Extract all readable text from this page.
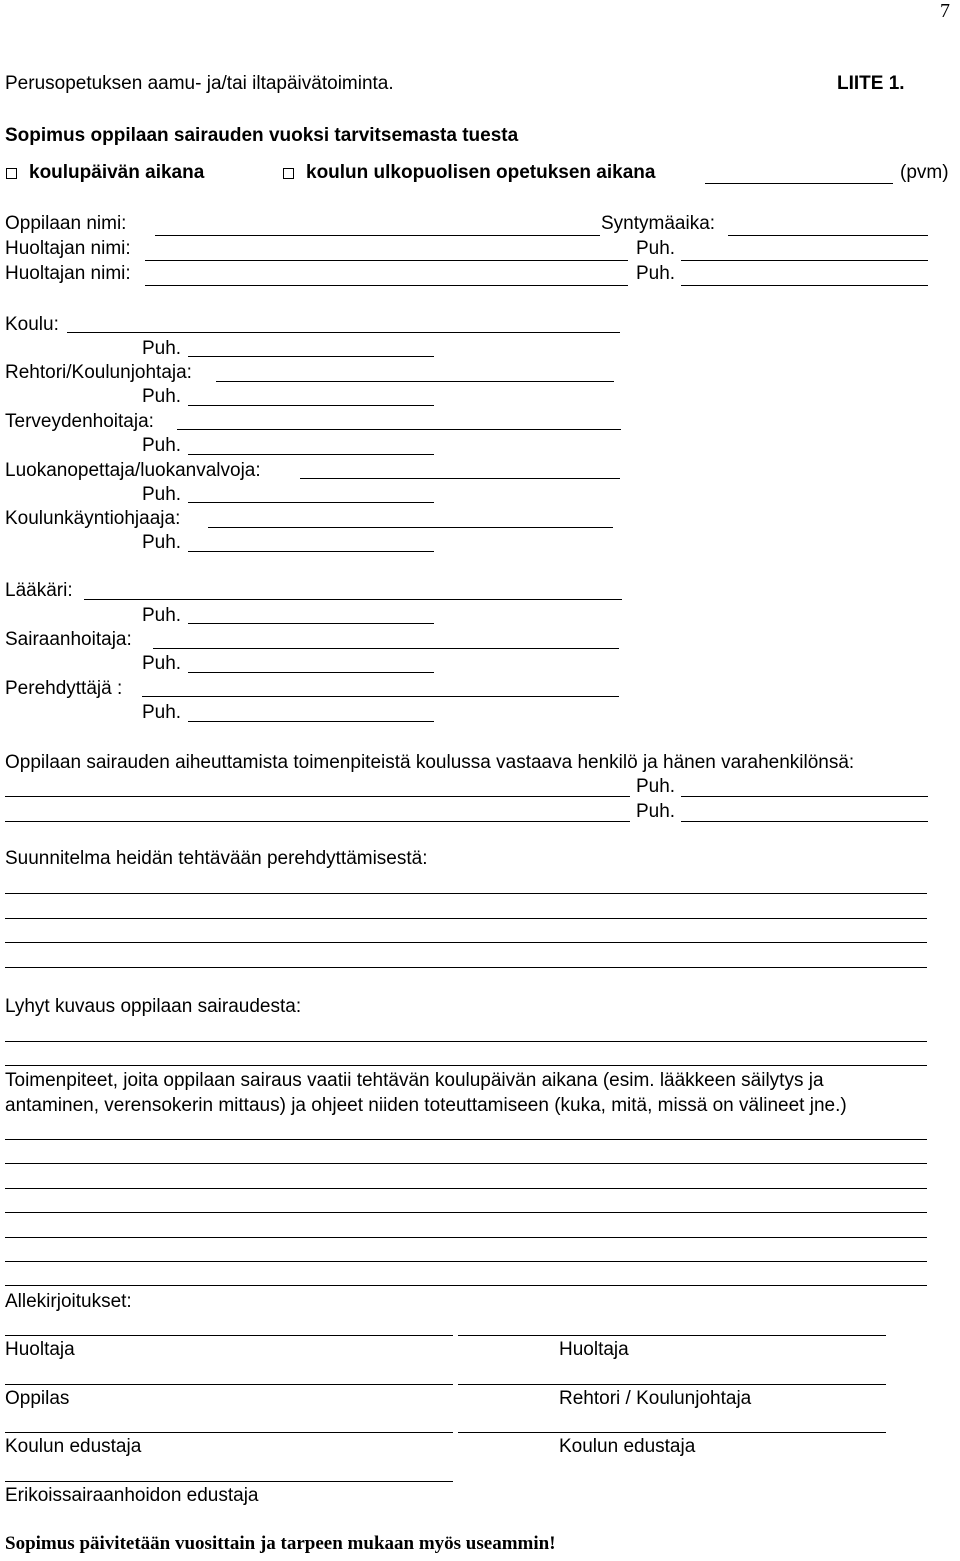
7
Perusopetuksen aamu- ja/tai iltapäivätoiminta.	LIITE 1.
Sopimus oppilaan sairauden vuoksi tarvitsemasta tuesta
koulupäivän aikana	koulun ulkopuolisen opetuksen aikana	(pvm)
Oppilaan nimi:	Syntymäaika:
Huoltajan nimi:	Puh.
Huoltajan nimi:	Puh.
Koulu:
Puh.
Rehtori/Koulunjohtaja:
Puh.
Terveydenhoitaja:
Puh.
Luokanopettaja/luokanvalvoja:
Puh.
Koulunkäyntiohjaaja:
Puh.
Lääkäri:
Puh.
Sairaanhoitaja:
Puh.
Perehdyttäjä :
Puh.
Oppilaan sairauden aiheuttamista toimenpiteistä koulussa vastaava henkilö ja hänen varahenkilönsä:
Puh.
Puh.
Suunnitelma heidän tehtävään perehdyttämisestä:
Lyhyt kuvaus oppilaan sairaudesta:
Toimenpiteet, joita oppilaan sairaus vaatii tehtävän koulupäivän aikana (esim. lääkkeen säilytys ja
antaminen, verensokerin mittaus) ja ohjeet niiden toteuttamiseen (kuka, mitä, missä on välineet jne.)
Allekirjoitukset:
Huoltaja	Huoltaja
Oppilas	Rehtori / Koulunjohtaja
Koulun edustaja	Koulun edustaja
Erikoissairaanhoidon edustaja
Sopimus päivitetään vuosittain ja tarpeen mukaan myös useammin!
